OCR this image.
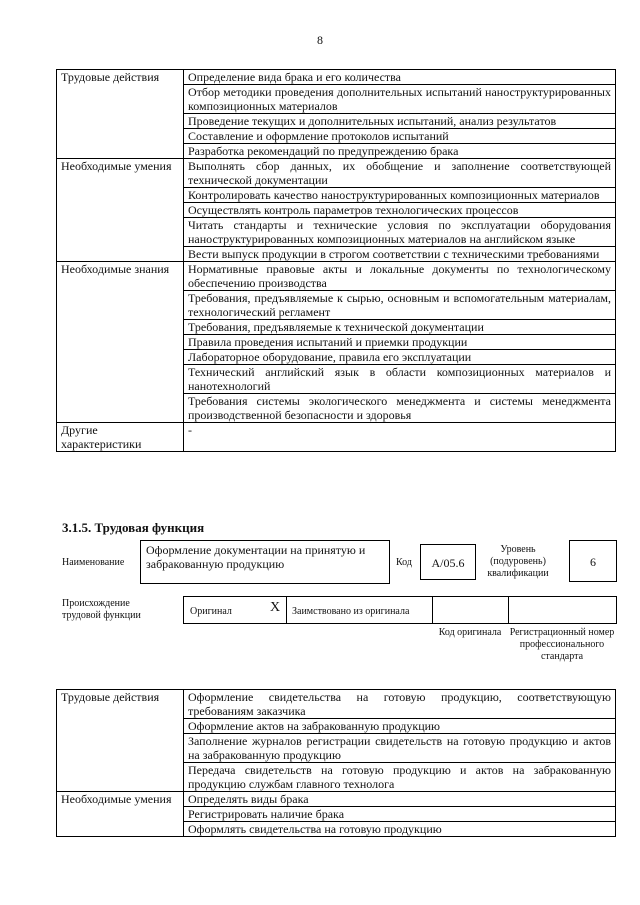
8
Трудовые действия	Определение вида брака и его количества
	Отбор методики проведения дополнительных испытаний наноструктурированных композиционных материалов
	Проведение текущих и дополнительных испытаний, анализ результатов
	Составление и оформление протоколов испытаний
	Разработка рекомендаций по предупреждению брака
Необходимые умения	Выполнять сбор данных, их обобщение и заполнение соответствующей технической документации
	Контролировать качество наноструктурированных композиционных материалов
	Осуществлять контроль параметров технологических процессов
	Читать стандарты и технические условия по эксплуатации оборудования наноструктурированных композиционных материалов на английском языке
	Вести выпуск продукции в строгом соответствии с техническими требованиями
Необходимые знания	Нормативные правовые акты и локальные документы по технологическому обеспечению производства
	Требования, предъявляемые к сырью, основным и вспомогательным материалам, технологический регламент
	Требования, предъявляемые к технической документации
	Правила проведения испытаний и приемки продукции
	Лабораторное оборудование, правила его эксплуатации
	Технический английский язык в области композиционных материалов и нанотехнологий
	Требования системы экологического менеджмента и системы менеджмента производственной безопасности и здоровья
Другие характеристики	-
3.1.5. Трудовая функция
Наименование
Оформление документации на принятую и забракованную продукцию	Код	А/05.6
Уровень (подуровень) квалификации
6
Происхождение трудовой функции	Оригинал	X Заимствовано из оригинала
Код оригинала Регистрационный номер профессионального стандарта
Трудовые действия	Оформление свидетельства на готовую продукцию, соответствующую требованиям заказчика
	Оформление актов на забракованную продукцию
	Заполнение журналов регистрации свидетельств на готовую продукцию и актов на забракованную продукцию
	Передача свидетельств на готовую продукцию и актов на забракованную продукцию службам главного технолога
Необходимые умения	Определять виды брака
	Регистрировать наличие брака
	Оформлять свидетельства на готовую продукцию
